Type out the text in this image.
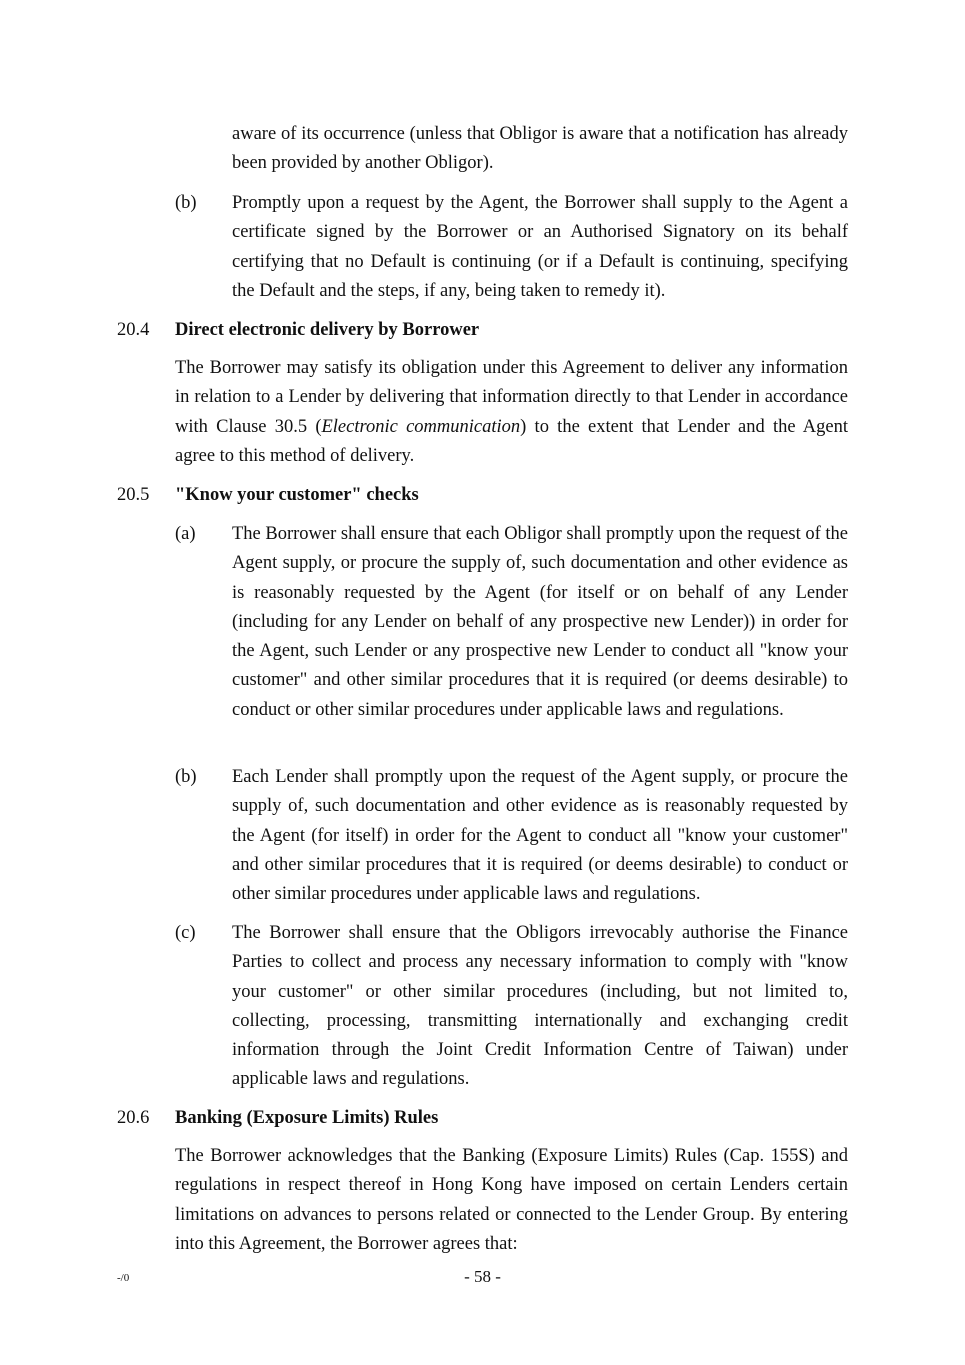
aware of its occurrence (unless that Obligor is aware that a notification has already been provided by another Obligor).

(b) Promptly upon a request by the Agent, the Borrower shall supply to the Agent a certificate signed by the Borrower or an Authorised Signatory on its behalf certifying that no Default is continuing (or if a Default is continuing, specifying the Default and the steps, if any, being taken to remedy it).

20.4 Direct electronic delivery by Borrower

The Borrower may satisfy its obligation under this Agreement to deliver any information in relation to a Lender by delivering that information directly to that Lender in accordance with Clause 30.5 (Electronic communication) to the extent that Lender and the Agent agree to this method of delivery.

20.5 "Know your customer" checks

(a) The Borrower shall ensure that each Obligor shall promptly upon the request of the Agent supply, or procure the supply of, such documentation and other evidence as is reasonably requested by the Agent (for itself or on behalf of any Lender (including for any Lender on behalf of any prospective new Lender)) in order for the Agent, such Lender or any prospective new Lender to conduct all "know your customer" and other similar procedures that it is required (or deems desirable) to conduct or other similar procedures under applicable laws and regulations.

(b) Each Lender shall promptly upon the request of the Agent supply, or procure the supply of, such documentation and other evidence as is reasonably requested by the Agent (for itself) in order for the Agent to conduct all "know your customer" and other similar procedures that it is required (or deems desirable) to conduct or other similar procedures under applicable laws and regulations.

(c) The Borrower shall ensure that the Obligors irrevocably authorise the Finance Parties to collect and process any necessary information to comply with "know your customer" or other similar procedures (including, but not limited to, collecting, processing, transmitting internationally and exchanging credit information through the Joint Credit Information Centre of Taiwan) under applicable laws and regulations.

20.6 Banking (Exposure Limits) Rules

The Borrower acknowledges that the Banking (Exposure Limits) Rules (Cap. 155S) and regulations in respect thereof in Hong Kong have imposed on certain Lenders certain limitations on advances to persons related or connected to the Lender Group. By entering into this Agreement, the Borrower agrees that:

-/0	- 58 -
